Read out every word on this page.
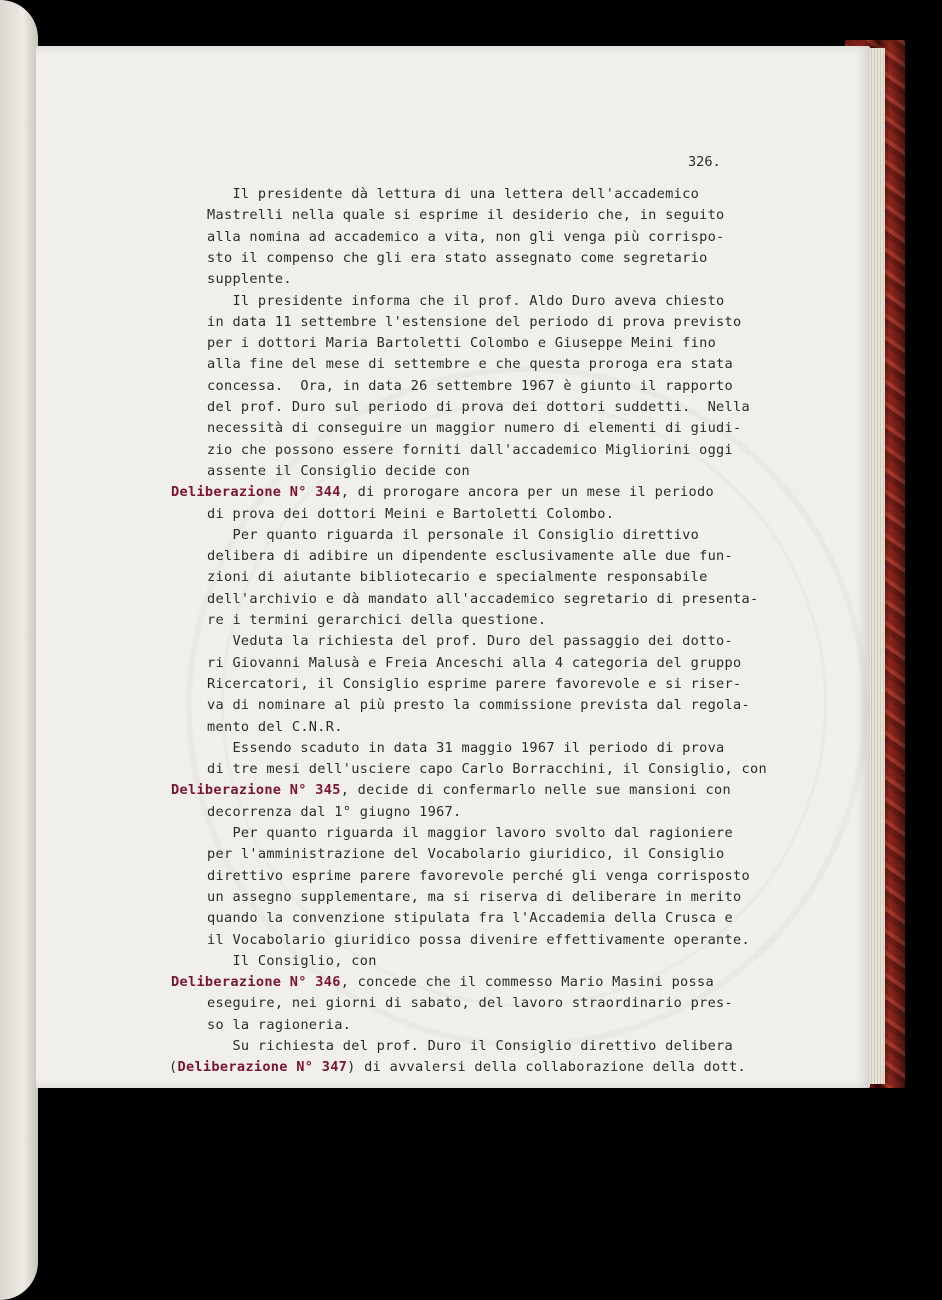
326.
Il presidente dà lettura di una lettera dell'accademico
Mastrelli nella quale si esprime il desiderio che, in seguito
alla nomina ad accademico a vita, non gli venga più corrispo-
sto il compenso che gli era stato assegnato come segretario
supplente.
Il presidente informa che il prof. Aldo Duro aveva chiesto
in data 11 settembre l'estensione del periodo di prova previsto
per i dottori Maria Bartoletti Colombo e Giuseppe Meini fino
alla fine del mese di settembre e che questa proroga era stata
concessa.  Ora, in data 26 settembre 1967 è giunto il rapporto
del prof. Duro sul periodo di prova dei dottori suddetti.  Nella
necessità di conseguire un maggior numero di elementi di giudi-
zio che possono essere forniti dall'accademico Migliorini oggi
assente il Consiglio decide con
Deliberazione N° 344, di prorogare ancora per un mese il periodo
di prova dei dottori Meini e Bartoletti Colombo.
Per quanto riguarda il personale il Consiglio direttivo
delibera di adibire un dipendente esclusivamente alle due fun-
zioni di aiutante bibliotecario e specialmente responsabile
dell'archivio e dà mandato all'accademico segretario di presenta-
re i termini gerarchici della questione.
Veduta la richiesta del prof. Duro del passaggio dei dotto-
ri Giovanni Malusà e Freia Anceschi alla 4 categoria del gruppo
Ricercatori, il Consiglio esprime parere favorevole e si riser-
va di nominare al più presto la commissione prevista dal regola-
mento del C.N.R.
Essendo scaduto in data 31 maggio 1967 il periodo di prova
di tre mesi dell'usciere capo Carlo Borracchini, il Consiglio, con
Deliberazione N° 345, decide di confermarlo nelle sue mansioni con
decorrenza dal 1° giugno 1967.
Per quanto riguarda il maggior lavoro svolto dal ragioniere
per l'amministrazione del Vocabolario giuridico, il Consiglio
direttivo esprime parere favorevole perché gli venga corrisposto
un assegno supplementare, ma si riserva di deliberare in merito
quando la convenzione stipulata fra l'Accademia della Crusca e
il Vocabolario giuridico possa divenire effettivamente operante.
Il Consiglio, con
Deliberazione N° 346, concede che il commesso Mario Masini possa
eseguire, nei giorni di sabato, del lavoro straordinario pres-
so la ragioneria.
Su richiesta del prof. Duro il Consiglio direttivo delibera
(Deliberazione N° 347) di avvalersi della collaborazione della dott.
